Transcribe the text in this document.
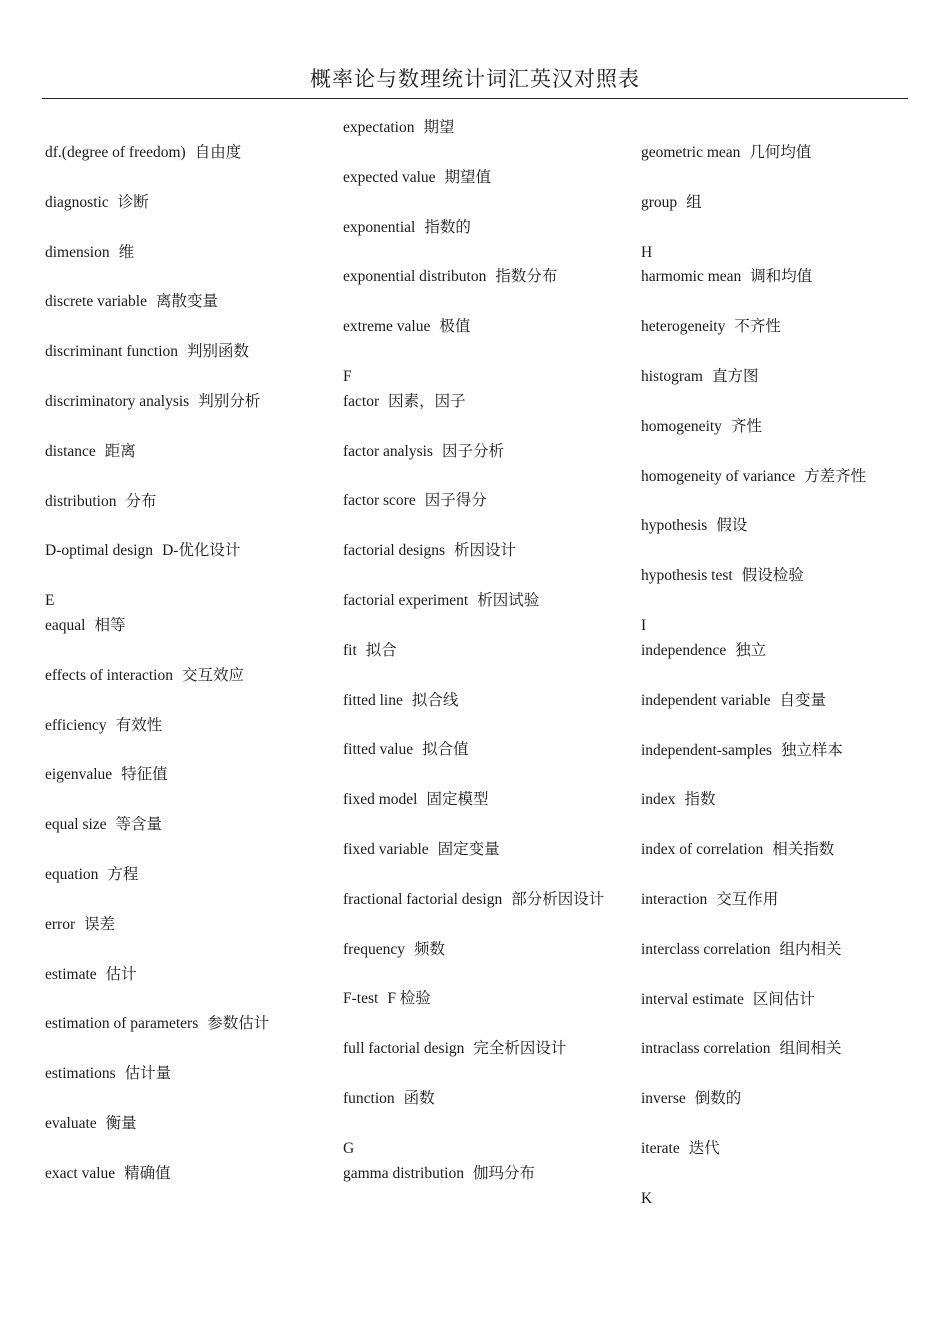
概率论与数理统计词汇英汉对照表
df.(degree of freedom) 自由度
diagnostic 诊断
dimension 维
discrete variable 离散变量
discriminant function 判别函数
discriminatory analysis 判别分析
distance 距离
distribution 分布
D-optimal design D-优化设计
E
eaqual 相等
effects of interaction 交互效应
efficiency 有效性
eigenvalue 特征值
equal size 等含量
equation 方程
error 误差
estimate 估计
estimation of parameters 参数估计
estimations 估计量
evaluate 衡量
exact value 精确值
expectation 期望
expected value 期望值
exponential 指数的
exponential distributon 指数分布
extreme value 极值
F
factor 因素，因子
factor analysis 因子分析
factor score 因子得分
factorial designs 析因设计
factorial experiment 析因试验
fit 拟合
fitted line 拟合线
fitted value 拟合值
fixed model 固定模型
fixed variable 固定变量
fractional factorial design 部分析因设计
frequency 频数
F-test F 检验
full factorial design 完全析因设计
function 函数
G
gamma distribution 伽玛分布
geometric mean 几何均值
group 组
H
harmomic mean 调和均值
heterogeneity 不齐性
histogram 直方图
homogeneity 齐性
homogeneity of variance 方差齐性
hypothesis 假设
hypothesis test 假设检验
I
independence 独立
independent variable 自变量
independent-samples 独立样本
index 指数
index of correlation 相关指数
interaction 交互作用
interclass correlation 组内相关
interval estimate 区间估计
intraclass correlation 组间相关
inverse 倒数的
iterate 迭代
K
